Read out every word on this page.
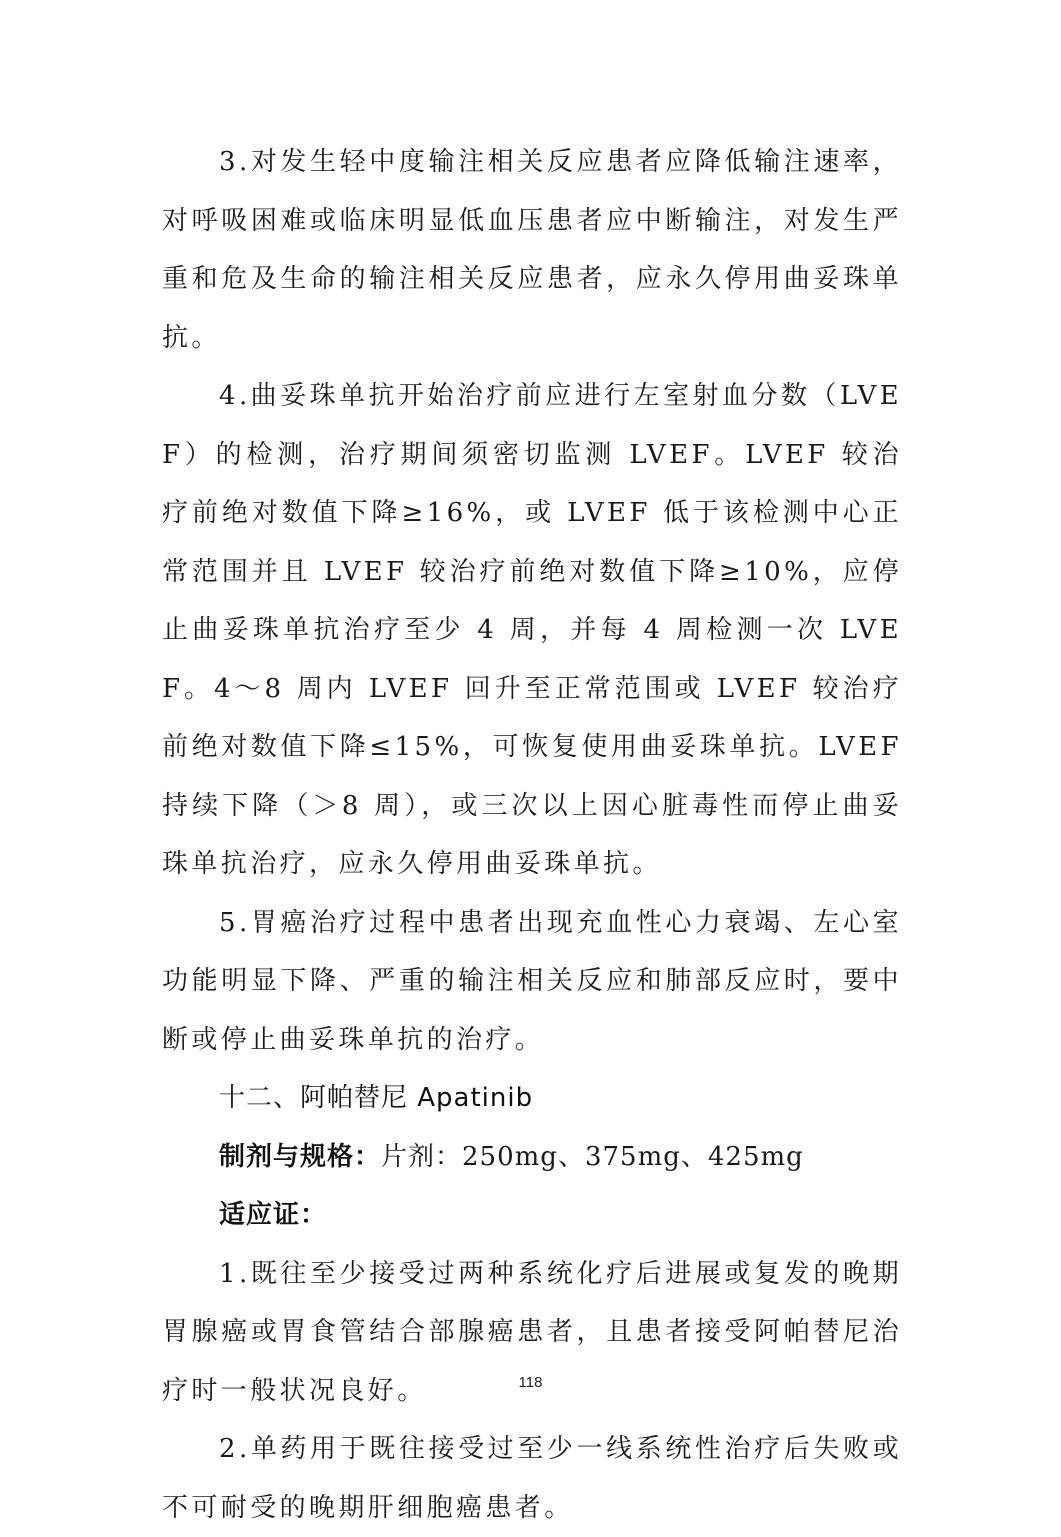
3.对发生轻中度输注相关反应患者应降低输注速率，对呼吸困难或临床明显低血压患者应中断输注，对发生严重和危及生命的输注相关反应患者，应永久停用曲妥珠单抗。

4.曲妥珠单抗开始治疗前应进行左室射血分数（LVEF）的检测，治疗期间须密切监测 LVEF。LVEF 较治疗前绝对数值下降≥16%，或 LVEF 低于该检测中心正常范围并且 LVEF 较治疗前绝对数值下降≥10%，应停止曲妥珠单抗治疗至少 4 周，并每 4 周检测一次 LVEF。4～8 周内 LVEF 回升至正常范围或 LVEF 较治疗前绝对数值下降≤15%，可恢复使用曲妥珠单抗。LVEF 持续下降（＞8 周），或三次以上因心脏毒性而停止曲妥珠单抗治疗，应永久停用曲妥珠单抗。

5.胃癌治疗过程中患者出现充血性心力衰竭、左心室功能明显下降、严重的输注相关反应和肺部反应时，要中断或停止曲妥珠单抗的治疗。

十二、阿帕替尼 Apatinib

制剂与规格：片剂：250mg、375mg、425mg

适应证：

1.既往至少接受过两种系统化疗后进展或复发的晚期胃腺癌或胃食管结合部腺癌患者，且患者接受阿帕替尼治疗时一般状况良好。

2.单药用于既往接受过至少一线系统性治疗后失败或不可耐受的晚期肝细胞癌患者。

118
